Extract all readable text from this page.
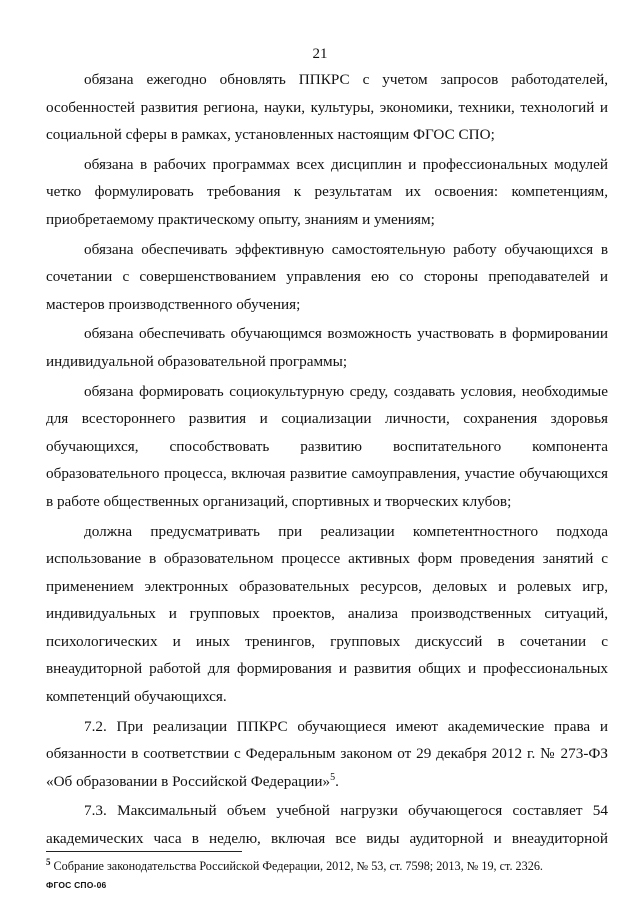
21

обязана ежегодно обновлять ППКРС с учетом запросов работодателей, особенностей развития региона, науки, культуры, экономики, техники, технологий и социальной сферы в рамках, установленных настоящим ФГОС СПО;

обязана в рабочих программах всех дисциплин и профессиональных модулей четко формулировать требования к результатам их освоения: компетенциям, приобретаемому практическому опыту, знаниям и умениям;

обязана обеспечивать эффективную самостоятельную работу обучающихся в сочетании с совершенствованием управления ею со стороны преподавателей и мастеров производственного обучения;

обязана обеспечивать обучающимся возможность участвовать в формировании индивидуальной образовательной программы;

обязана формировать социокультурную среду, создавать условия, необходимые для всестороннего развития и социализации личности, сохранения здоровья обучающихся, способствовать развитию воспитательного компонента образовательного процесса, включая развитие самоуправления, участие обучающихся в работе общественных организаций, спортивных и творческих клубов;

должна предусматривать при реализации компетентностного подхода использование в образовательном процессе активных форм проведения занятий с применением электронных образовательных ресурсов, деловых и ролевых игр, индивидуальных и групповых проектов, анализа производственных ситуаций, психологических и иных тренингов, групповых дискуссий в сочетании с внеаудиторной работой для формирования и развития общих и профессиональных компетенций обучающихся.

7.2. При реализации ППКРС обучающиеся имеют академические права и обязанности в соответствии с Федеральным законом от 29 декабря 2012 г. № 273-ФЗ «Об образовании в Российской Федерации»$^5$.

7.3. Максимальный объем учебной нагрузки обучающегося составляет 54 академических часа в неделю, включая все виды аудиторной и внеаудиторной

$^5$ Собрание законодательства Российской Федерации, 2012, № 53, ст. 7598; 2013, № 19, ст. 2326.
ФГОС СПО-06
